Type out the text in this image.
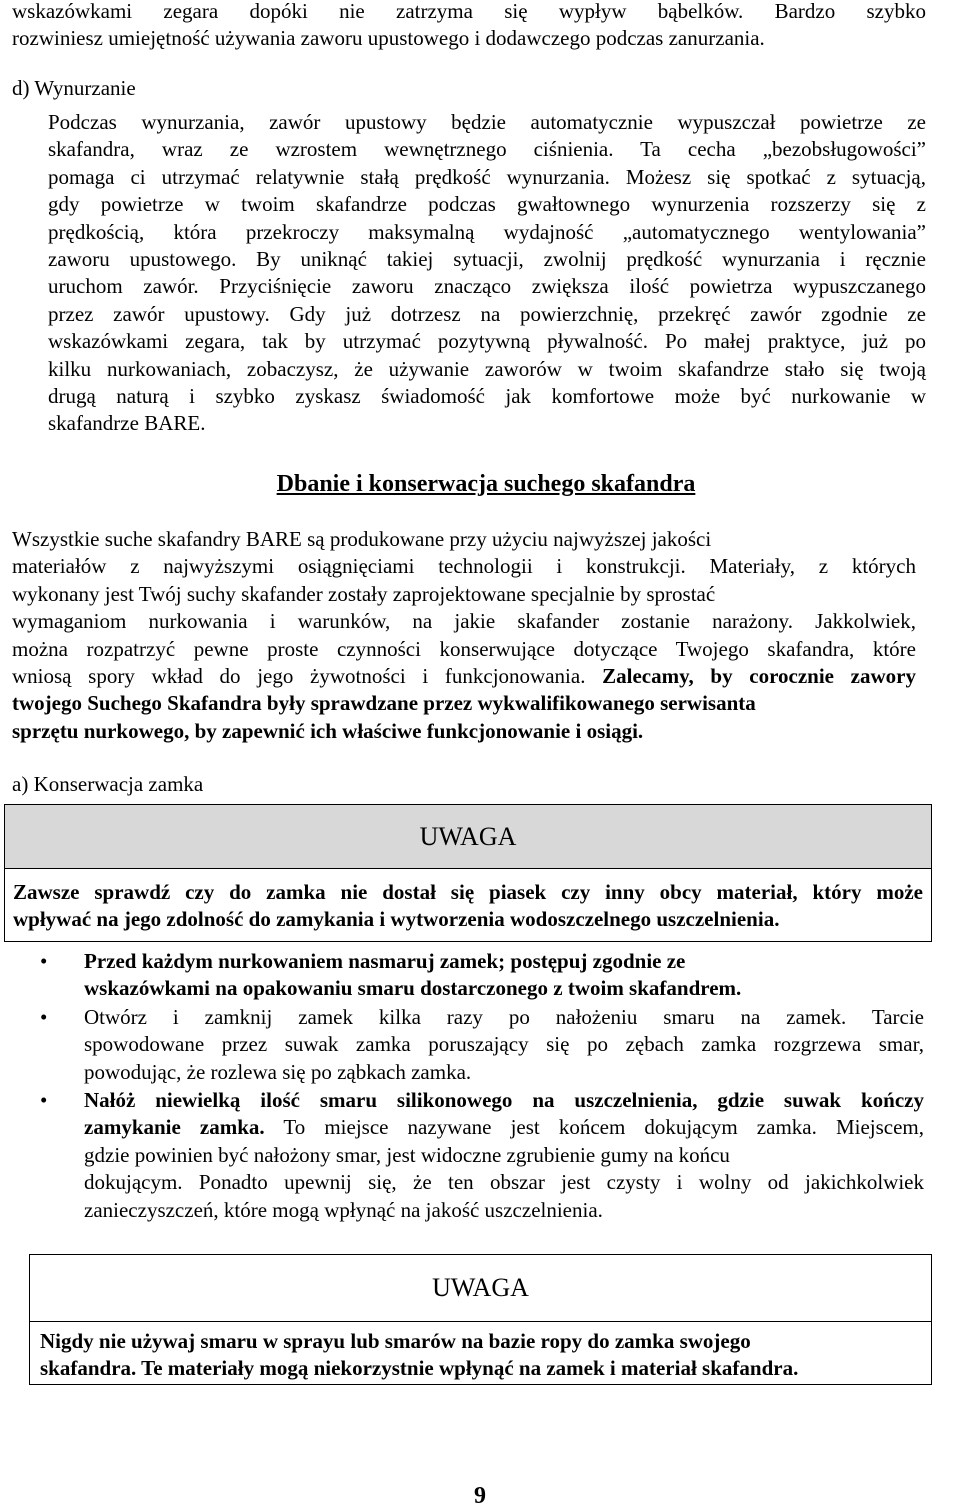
wskazówkami zegara dopóki nie zatrzyma się wypływ bąbelków. Bardzo szybko
rozwiniesz umiejętność używania zaworu upustowego i dodawczego podczas zanurzania.
d) Wynurzanie
Podczas wynurzania, zawór upustowy będzie automatycznie wypuszczał powietrze ze
skafandra, wraz ze wzrostem wewnętrznego ciśnienia. Ta cecha „bezobsługowości”
pomaga ci utrzymać relatywnie stałą prędkość wynurzania. Możesz się spotkać z sytuacją,
gdy powietrze w twoim skafandrze podczas gwałtownego wynurzenia rozszerzy się z
prędkością, która przekroczy maksymalną wydajność „automatycznego wentylowania”
zaworu upustowego. By uniknąć takiej sytuacji, zwolnij prędkość wynurzania i ręcznie
uruchom zawór. Przyciśnięcie zaworu znacząco zwiększa ilość powietrza wypuszczanego
przez zawór upustowy. Gdy już dotrzesz na powierzchnię, przekręć zawór zgodnie ze
wskazówkami zegara, tak by utrzymać pozytywną pływalność. Po małej praktyce, już po
kilku nurkowaniach, zobaczysz, że używanie zaworów w twoim skafandrze stało się twoją
drugą naturą i szybko zyskasz świadomość jak komfortowe może być nurkowanie w
skafandrze BARE.
Dbanie i konserwacja suchego skafandra
Wszystkie suche skafandry BARE są produkowane przy użyciu najwyższej jakości
materiałów z najwyższymi osiągnięciami technologii i konstrukcji. Materiały, z których
wykonany jest Twój suchy skafander zostały zaprojektowane specjalnie by sprostać
wymaganiom nurkowania i warunków, na jakie skafander zostanie narażony. Jakkolwiek,
można rozpatrzyć pewne proste czynności konserwujące dotyczące Twojego skafandra, które
wniosą spory wkład do jego żywotności i funkcjonowania. Zalecamy, by corocznie zawory
twojego Suchego Skafandra były sprawdzane przez wykwalifikowanego serwisanta
sprzętu nurkowego, by zapewnić ich właściwe funkcjonowanie i osiągi.
a) Konserwacja zamka
UWAGA
Zawsze sprawdź czy do zamka nie dostał się piasek czy inny obcy materiał, który może
wpływać na jego zdolność do zamykania i wytworzenia wodoszczelnego uszczelnienia.
• Przed każdym nurkowaniem nasmaruj zamek; postępuj zgodnie ze
wskazówkami na opakowaniu smaru dostarczonego z twoim skafandrem.
• Otwórz i zamknij zamek kilka razy po nałożeniu smaru na zamek. Tarcie
spowodowane przez suwak zamka poruszający się po zębach zamka rozgrzewa smar,
powodując, że rozlewa się po ząbkach zamka.
• Nałóż niewielką ilość smaru silikonowego na uszczelnienia, gdzie suwak kończy
zamykanie zamka. To miejsce nazywane jest końcem dokującym zamka. Miejscem,
gdzie powinien być nałożony smar, jest widoczne zgrubienie gumy na końcu
dokującym. Ponadto upewnij się, że ten obszar jest czysty i wolny od jakichkolwiek
zanieczyszczeń, które mogą wpłynąć na jakość uszczelnienia.
UWAGA
Nigdy nie używaj smaru w sprayu lub smarów na bazie ropy do zamka swojego
skafandra. Te materiały mogą niekorzystnie wpłynąć na zamek i materiał skafandra.
9
